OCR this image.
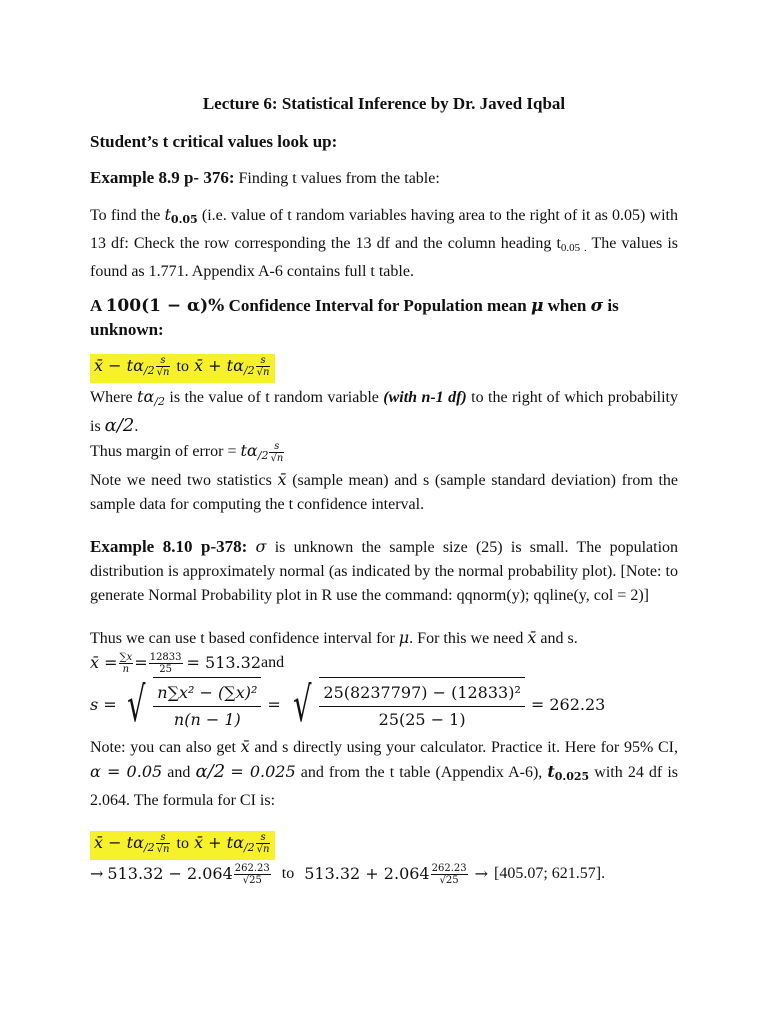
Lecture 6: Statistical Inference by Dr. Javed Iqbal

Student’s t critical values look up:

Example 8.9 p- 376: Finding t values from the table:

To find the $t_{0.05}$ (i.e. value of t random variables having area to the right of it as 0.05) with 13 df: Check the row corresponding the 13 df and the column heading $t_{0.05 .}$ The values is found as 1.771. Appendix A-6 contains full t table.

A 100(1 − α)% Confidence Interval for Population mean μ when σ is unknown:

x̄ − $t\alpha_{/2} \frac{s}{√n}$ to x̄ + $t\alpha_{/2} \frac{s}{√n}$

Where $t\alpha_{/2}$ is the value of t random variable (with n-1 df) to the right of which probability is α/2.

Thus margin of error = $t\alpha_{/2} \frac{s}{√n}$

Note we need two statistics x̄ (sample mean) and s (sample standard deviation) from the sample data for computing the t confidence interval.

Example 8.10 p-378: σ is unknown the sample size (25) is small. The population distribution is approximately normal (as indicated by the normal probability plot). [Note: to generate Normal Probability plot in R use the command: qqnorm(y); qqline(y, col = 2)]

Thus we can use t based confidence interval for μ. For this we need x̄ and s.

x̄ = $\frac{\sum x}{n} = \frac{12833}{25} = 513.32$ and
s = √ $\frac{\text{n∑x² − (∑x)²}}{n(n - 1)}$ = √ $\frac{\text{25(8237797) − (12833)²}}{25(25 - 1)} = 262.23$

Note: you can also get x̄ and s directly using your calculator. Practice it. Here for 95% CI, α = 0.05 and α/2 = 0.025 and from the t table (Appendix A-6), $t_{0.025}$ with 24 df is 2.064. The formula for CI is:

x̄ − $t\alpha_{/2} \frac{s}{√n}$ to x̄ + $t\alpha_{/2} \frac{s}{√n}$
→ $513.32 - 2.064 \frac{262.23}{√25}$ to $513.32 + 2.064 \frac{262.23}{√25} \to [405.07$; 621.57].
